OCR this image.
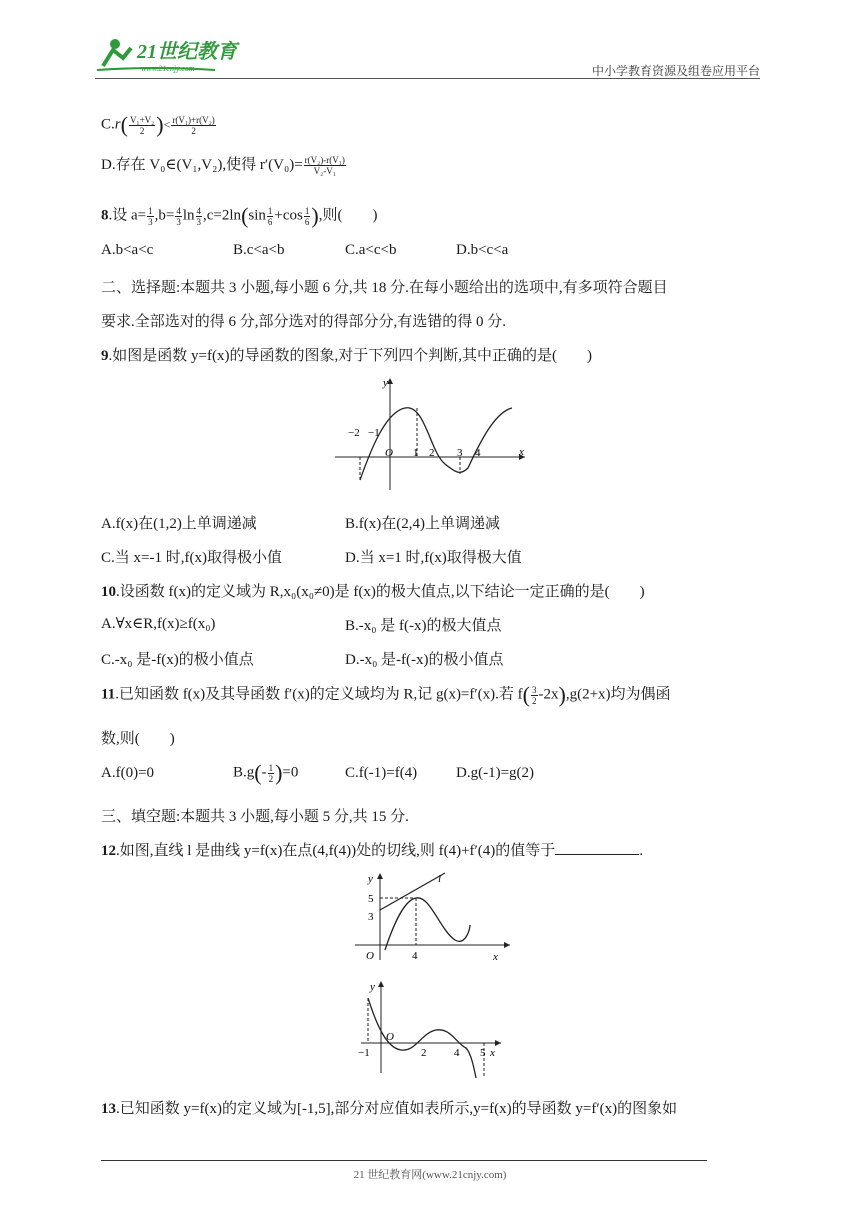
21世纪教育
www.21cnjy.com	中小学教育资源及组卷应用平台
$C.r( \frac{\text{V₁+V₂}}{2}$ )< $\frac{\text{r(V₁)+r(V₂)}}{2}$
D.存在 V₀∈(V₁,V₂),使得 $r'(V_0)= \frac{\text{r(V₂)-r(V₁)}}{\text{V₂-V₁}}$
8.设 $a= \frac{1}{3} ,b= \frac{4}{3}$ $\ln \frac{4}{3} ,c=2\ln(\sin \frac{1}{6} +\cos \frac{1}{6}$ ),则(　　)
A.b<a<c	B.c<a<b	C.a<c<b	D.b<c<a
二、选择题:本题共 3 小题,每小题 6 分,共 18 分.在每小题给出的选项中,有多项符合题目
要求.全部选对的得 6 分,部分选对的得部分分,有选错的得 0 分.
9.如图是函数 y=f(x)的导函数的图象,对于下列四个判断,其中正确的是(　　)
y
x
O
−2 −1
1 2 3 4
A.f(x)在(1,2)上单调递减	B.f(x)在(2,4)上单调递减
C.当 x=-1 时,f(x)取得极小值	D.当 x=1 时,f(x)取得极大值
10.设函数 f(x)的定义域为 R,x₀(x₀≠0)是 f(x)的极大值点,以下结论一定正确的是(　　)
A.∀x∈R,f(x)≥f(x₀)	B.-x₀ 是 f(-x)的极大值点
C.-x₀ 是-f(x)的极小值点	D.-x₀ 是-f(-x)的极小值点
11.已知函数 f(x)及其导函数 f′(x)的定义域均为 R,记 g(x)=f′(x).若 $f( \frac{3}{2} -2x),g(2+x)$均为偶函
数,则(　　)
A.f(0)=0	$B.g(- \frac{1}{2} )=0$	C.f(-1)=f(4)	D.g(-1)=g(2)
三、填空题:本题共 3 小题,每小题 5 分,共 15 分.
12.如图,直线 l 是曲线 y=f(x)在点(4,f(4))处的切线,则 f(4)+f′(4)的值等于	.
y
x
O
l
5
3
4
y
x
O
−1	2	4 5
13.已知函数 y=f(x)的定义域为[-1,5],部分对应值如表所示,y=f(x)的导函数 y=f′(x)的图象如
21 世纪教育网(www.21cnjy.com)
